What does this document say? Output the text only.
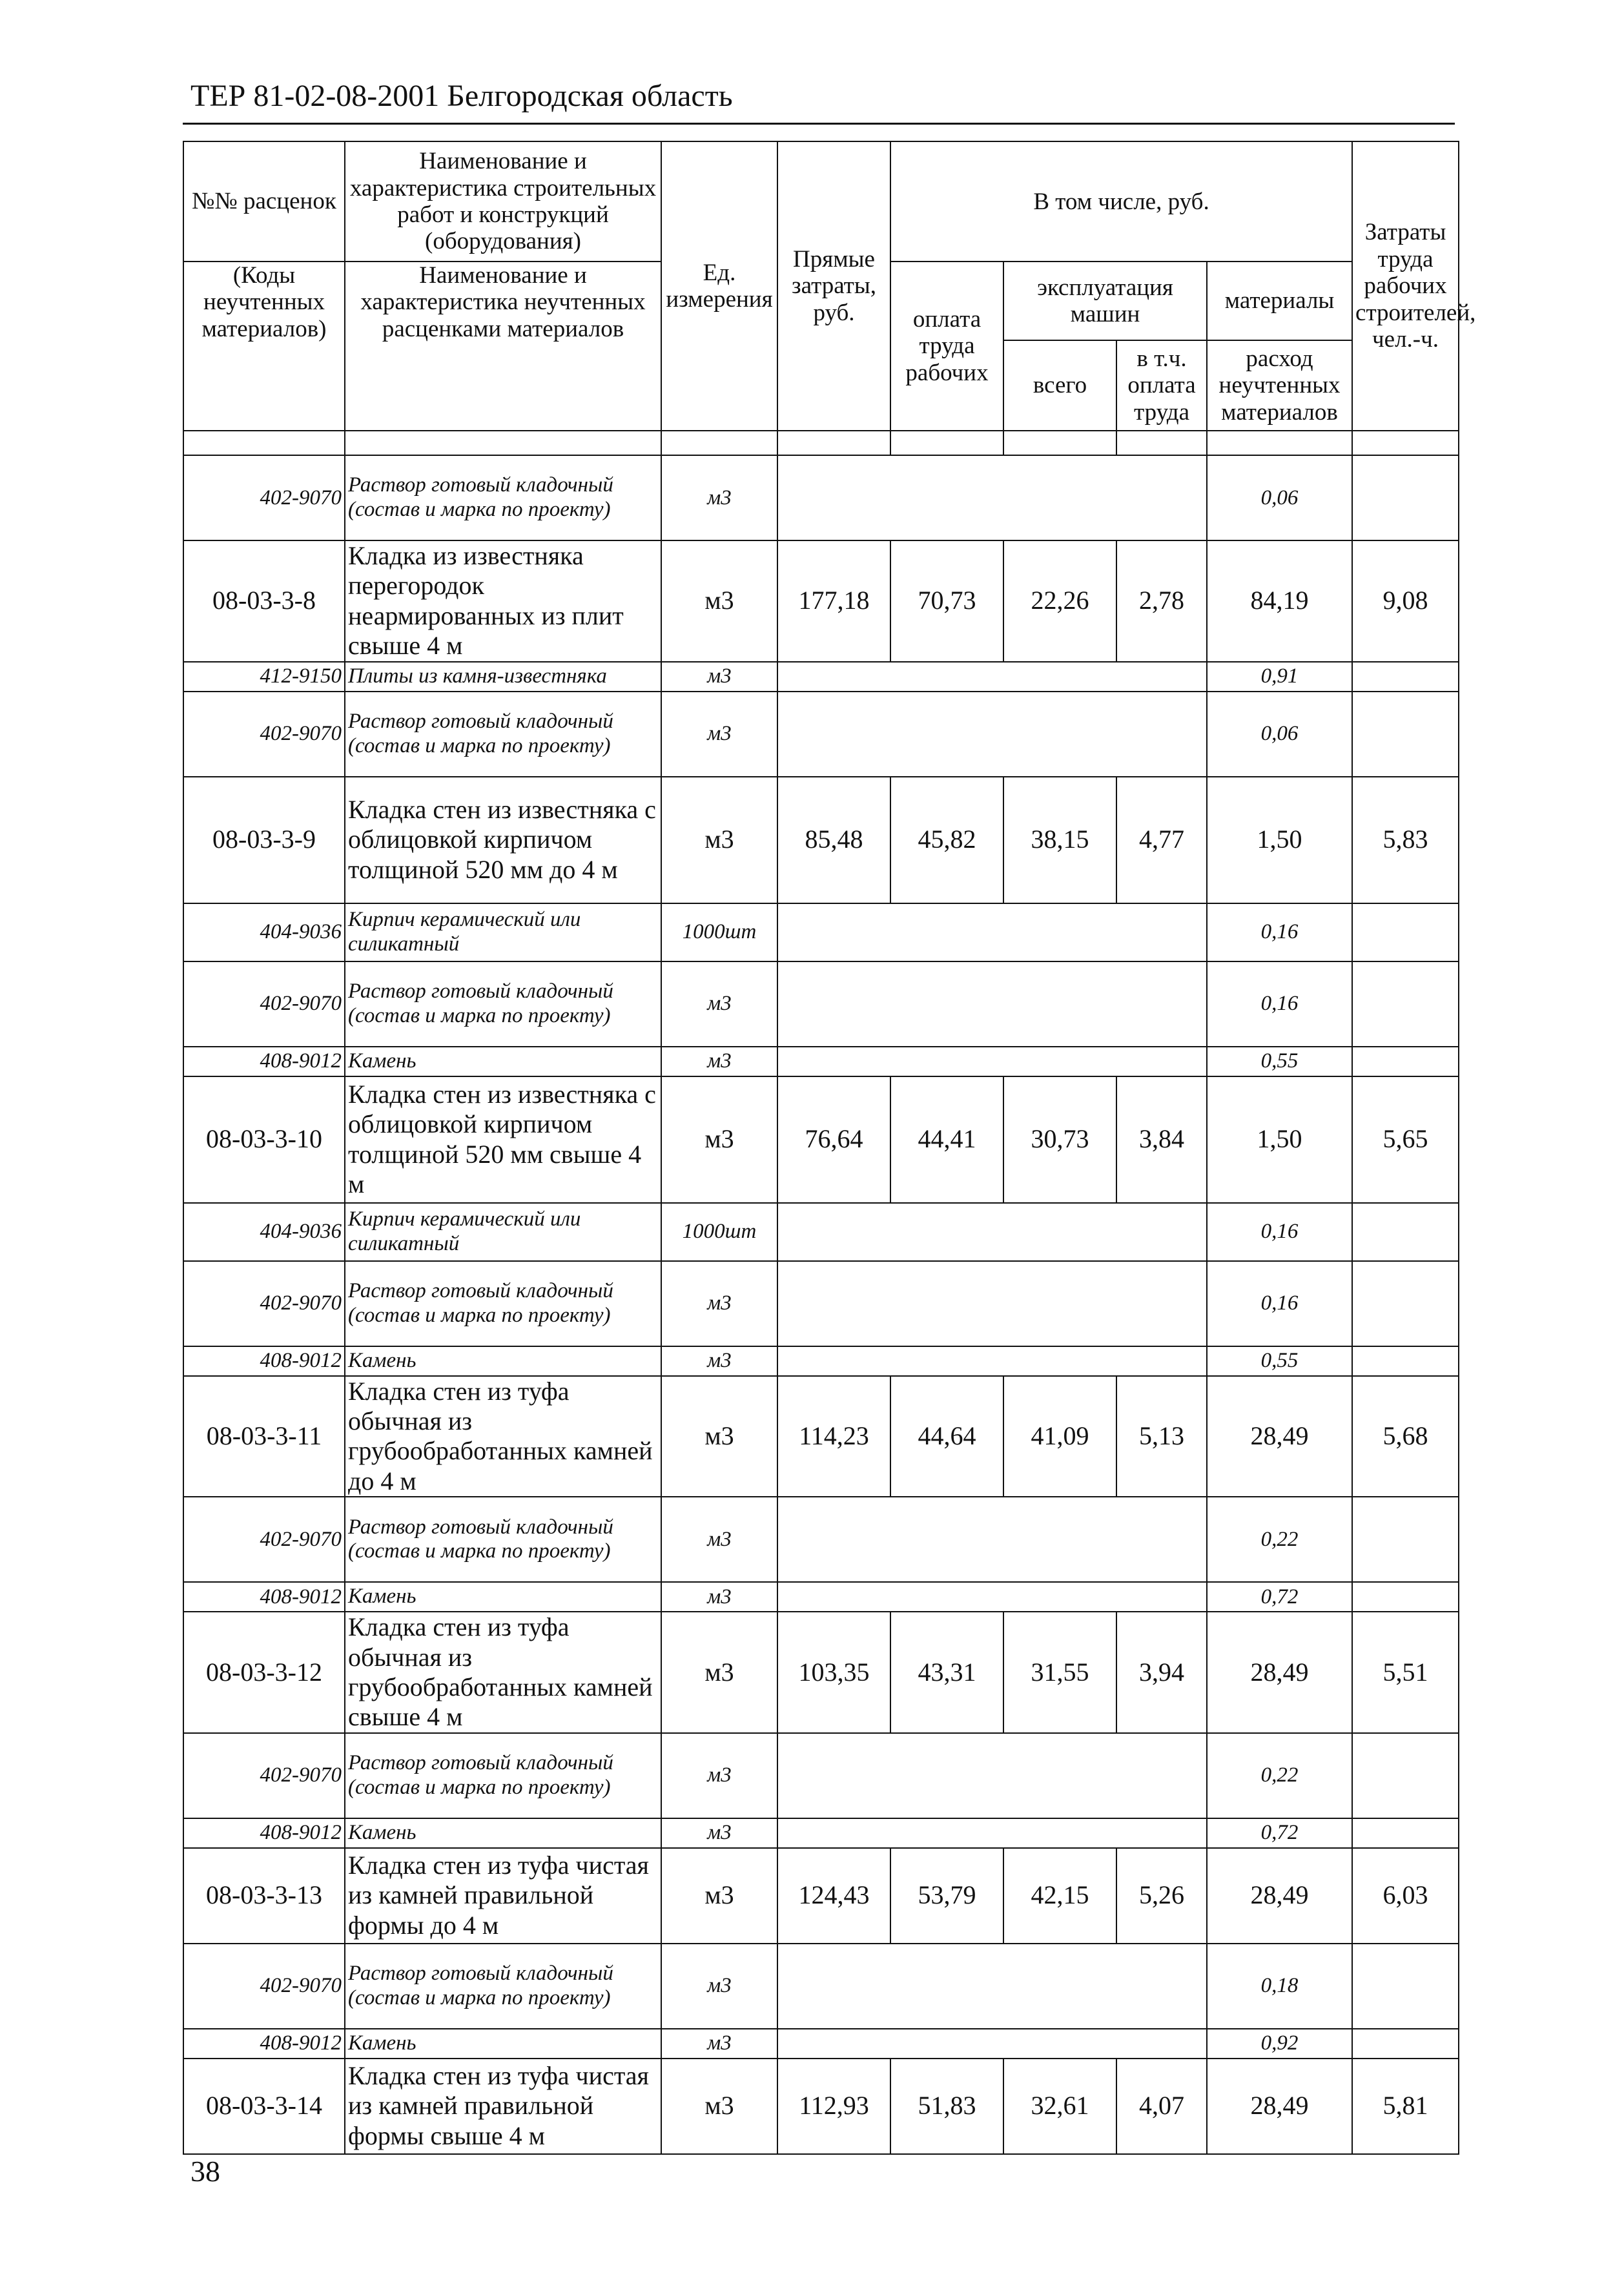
ТЕР 81-02-08-2001 Белгородская область
№№ расценок	Наименование и характеристика строительных работ и конструкций (оборудования)	Ед. измерения	Прямые затраты, руб.	В том числе, руб.				Затраты труда рабочих строителей, чел.-ч.
(Коды неучтенных материалов)	Наименование и характеристика неучтенных расценками материалов			оплата труда рабочих	эксплуатация машин		материалы	
					всего	в т.ч. оплата труда	расход неучтенных материалов	

402-9070	Раствор готовый кладочный (состав и марка по проекту)	м3					0,06	
08-03-3-8	Кладка из известняка перегородок неармированных из плит свыше 4 м	м3	177,18	70,73	22,26	2,78	84,19	9,08
412-9150	Плиты из камня-известняка	м3					0,91	
402-9070	Раствор готовый кладочный (состав и марка по проекту)	м3					0,06	
08-03-3-9	Кладка стен из известняка с облицовкой кирпичом толщиной 520 мм до 4 м	м3	85,48	45,82	38,15	4,77	1,50	5,83
404-9036	Кирпич керамический или силикатный	1000шт					0,16	
402-9070	Раствор готовый кладочный (состав и марка по проекту)	м3					0,16	
408-9012	Камень	м3					0,55	
08-03-3-10	Кладка стен из известняка с облицовкой кирпичом толщиной 520 мм свыше 4 м	м3	76,64	44,41	30,73	3,84	1,50	5,65
404-9036	Кирпич керамический или силикатный	1000шт					0,16	
402-9070	Раствор готовый кладочный (состав и марка по проекту)	м3					0,16	
408-9012	Камень	м3					0,55	
08-03-3-11	Кладка стен из туфа обычная из грубообработанных камней до 4 м	м3	114,23	44,64	41,09	5,13	28,49	5,68
402-9070	Раствор готовый кладочный (состав и марка по проекту)	м3					0,22	
408-9012	Камень	м3					0,72	
08-03-3-12	Кладка стен из туфа обычная из грубообработанных камней свыше 4 м	м3	103,35	43,31	31,55	3,94	28,49	5,51
402-9070	Раствор готовый кладочный (состав и марка по проекту)	м3					0,22	
408-9012	Камень	м3					0,72	
08-03-3-13	Кладка стен из туфа чистая из камней правильной формы до 4 м	м3	124,43	53,79	42,15	5,26	28,49	6,03
402-9070	Раствор готовый кладочный (состав и марка по проекту)	м3					0,18	
408-9012	Камень	м3					0,92	
08-03-3-14	Кладка стен из туфа чистая из камней правильной формы свыше 4 м	м3	112,93	51,83	32,61	4,07	28,49	5,81
38
